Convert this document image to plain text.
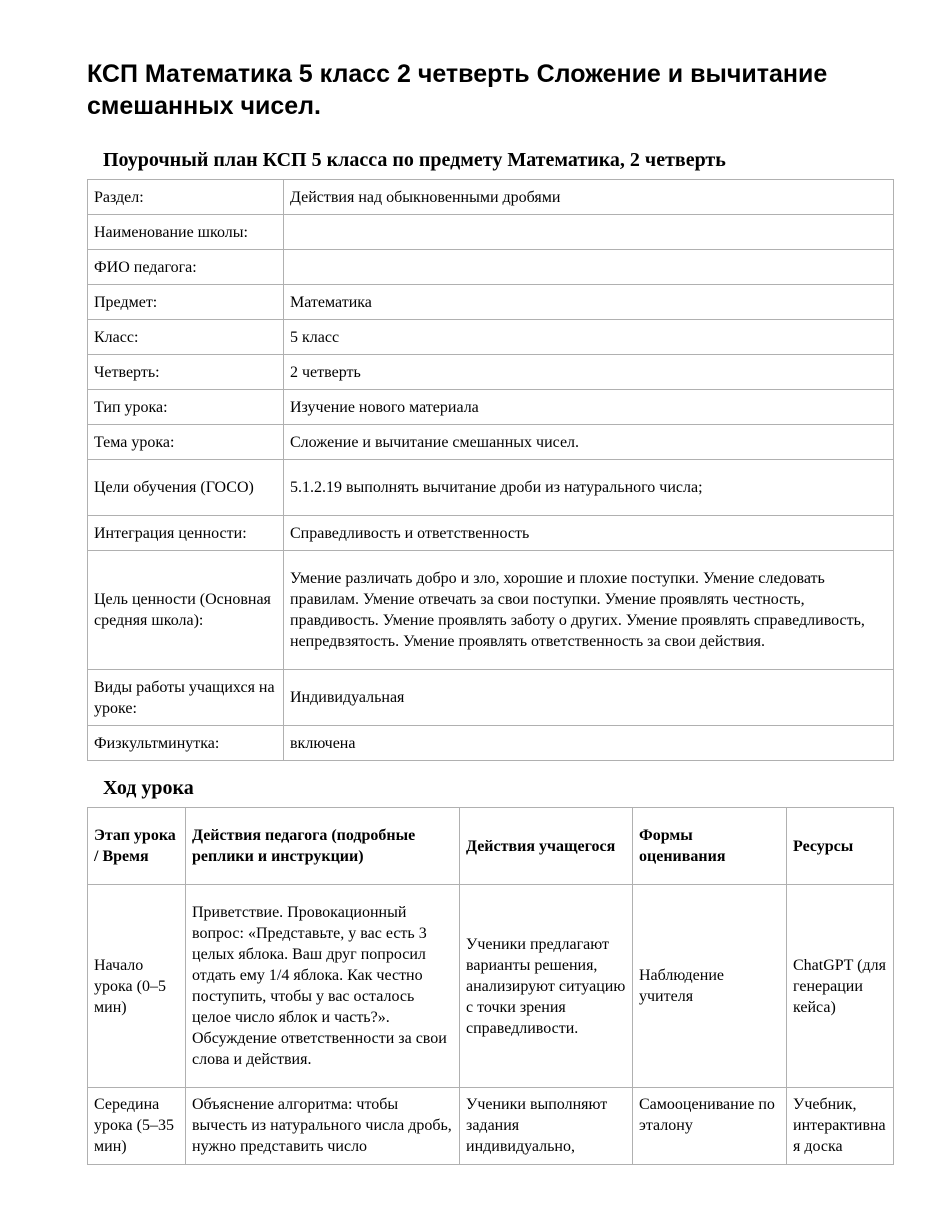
КСП Математика 5 класс 2 четверть Сложение и вычитание смешанных чисел.
Поурочный план КСП 5 класса по предмету Математика, 2 четверть
Раздел:	Действия над обыкновенными дробями
Наименование школы:	
ФИО педагога:	
Предмет:	Математика
Класс:	5 класс
Четверть:	2 четверть
Тип урока:	Изучение нового материала
Тема урока:	Сложение и вычитание смешанных чисел.
Цели обучения (ГОСО)	5.1.2.19 выполнять вычитание дроби из натурального числа;
Интеграция ценности:	Справедливость и ответственность
Цель ценности (Основная средняя школа):	Умение различать добро и зло, хорошие и плохие поступки. Умение следовать правилам. Умение отвечать за свои поступки. Умение проявлять честность, правдивость. Умение проявлять заботу о других. Умение проявлять справедливость, непредвзятость. Умение проявлять ответственность за свои действия.
Виды работы учащихся на уроке:	Индивидуальная
Физкультминутка:	включена
Ход урока
Этап урока / Время	Действия педагога (подробные реплики и инструкции)	Действия учащегося	Формы оценивания	Ресурсы
Начало урока (0–5 мин)	Приветствие. Провокационный вопрос: «Представьте, у вас есть 3 целых яблока. Ваш друг попросил отдать ему 1/4 яблока. Как честно поступить, чтобы у вас осталось целое число яблок и часть?». Обсуждение ответственности за свои слова и действия.	Ученики предлагают варианты решения, анализируют ситуацию с точки зрения справедливости.	Наблюдение учителя	ChatGPT (для генерации кейса)
Середина урока (5–35 мин)	Объяснение алгоритма: чтобы вычесть из натурального числа дробь, нужно представить число	Ученики выполняют задания индивидуально,	Самооценивание по эталону	Учебник, интерактивная доска
